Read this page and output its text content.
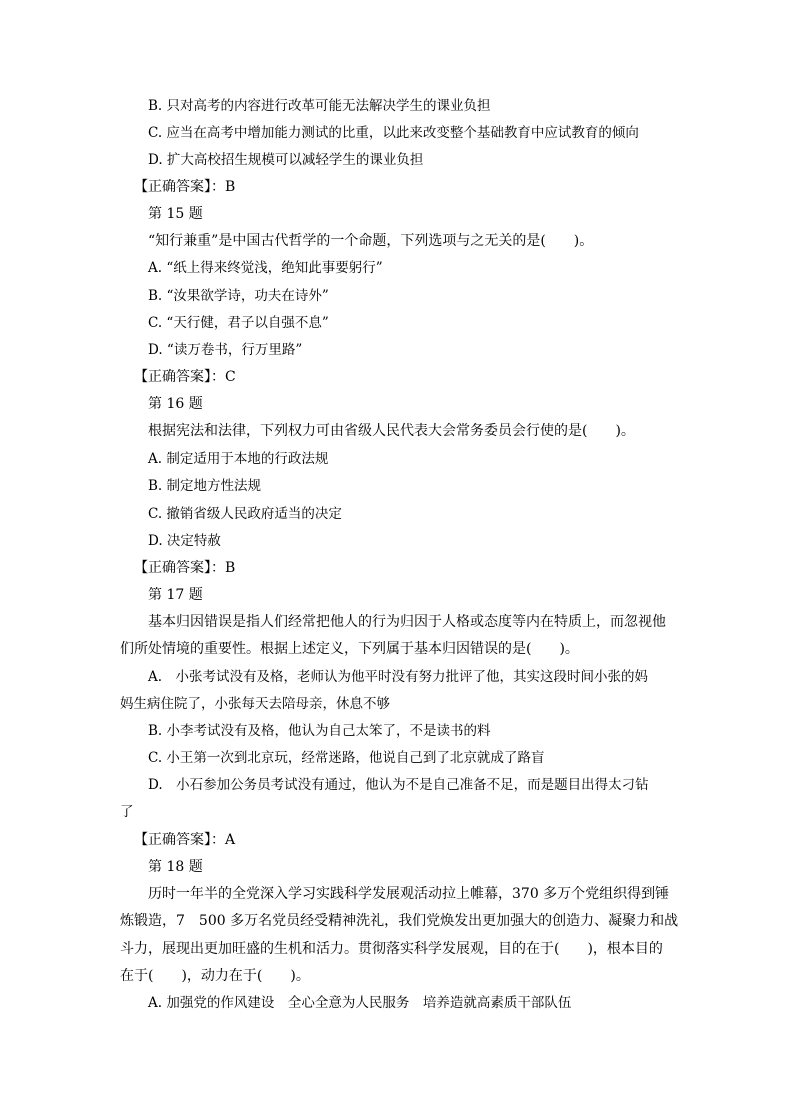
B. 只对高考的内容进行改革可能无法解决学生的课业负担
C. 应当在高考中增加能力测试的比重，以此来改变整个基础教育中应试教育的倾向
D. 扩大高校招生规模可以减轻学生的课业负担
【正确答案】：B
第 15 题
“知行兼重”是中国古代哲学的一个命题，下列选项与之无关的是(　　)。
A. “纸上得来终觉浅，绝知此事要躬行”
B. “汝果欲学诗，功夫在诗外”
C. “天行健，君子以自强不息”
D. “读万卷书，行万里路”
【正确答案】：C
第 16 题
根据宪法和法律，下列权力可由省级人民代表大会常务委员会行使的是(　　)。
A. 制定适用于本地的行政法规
B. 制定地方性法规
C. 撤销省级人民政府适当的决定
D. 决定特赦
【正确答案】：B
第 17 题
基本归因错误是指人们经常把他人的行为归因于人格或态度等内在特质上，而忽视他
们所处情境的重要性。根据上述定义，下列属于基本归因错误的是(　　)。
A.　小张考试没有及格，老师认为他平时没有努力批评了他，其实这段时间小张的妈
妈生病住院了，小张每天去陪母亲，休息不够
B. 小李考试没有及格，他认为自己太笨了，不是读书的料
C. 小王第一次到北京玩，经常迷路，他说自己到了北京就成了路盲
D.　小石参加公务员考试没有通过，他认为不是自己准备不足，而是题目出得太刁钻
了
【正确答案】：A
第 18 题
历时一年半的全党深入学习实践科学发展观活动拉上帷幕，370 多万个党组织得到锤
炼锻造，7　500 多万名党员经受精神洗礼，我们党焕发出更加强大的创造力、凝聚力和战
斗力，展现出更加旺盛的生机和活力。贯彻落实科学发展观，目的在于(　　)，根本目的
在于(　　)，动力在于(　　)。
A. 加强党的作风建设　全心全意为人民服务　培养造就高素质干部队伍
